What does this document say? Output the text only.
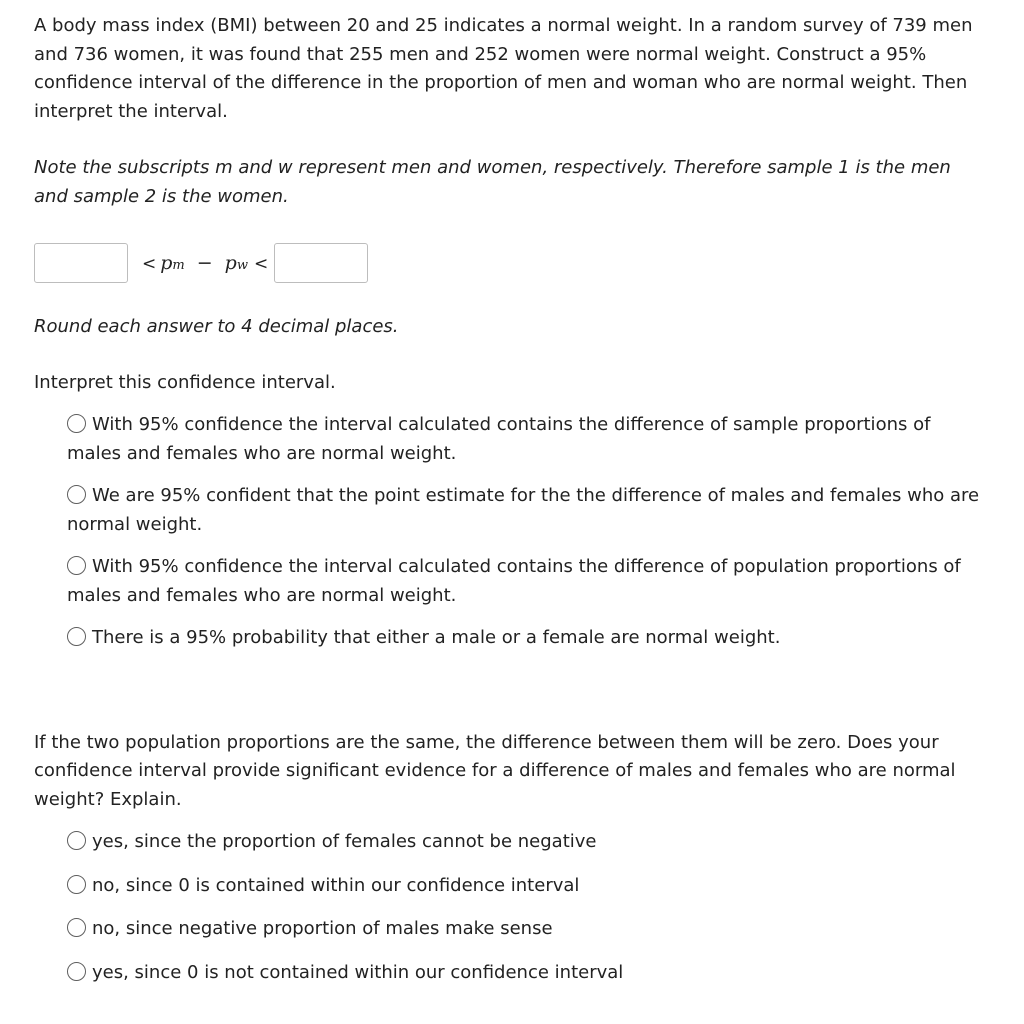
A body mass index (BMI) between 20 and 25 indicates a normal weight. In a random survey of 739 men and 736 women, it was found that 255 men and 252 women were normal weight. Construct a 95% confidence interval of the difference in the proportion of men and woman who are normal weight. Then interpret the interval.

Note the subscripts m and w represent men and women, respectively. Therefore sample 1 is the men and sample 2 is the women.

< p m − p w <

Round each answer to 4 decimal places.

Interpret this confidence interval.

With 95% confidence the interval calculated contains the difference of sample proportions of males and females who are normal weight.
We are 95% confident that the point estimate for the the difference of males and females who are normal weight.
With 95% confidence the interval calculated contains the difference of population proportions of males and females who are normal weight.
There is a 95% probability that either a male or a female are normal weight.

If the two population proportions are the same, the difference between them will be zero. Does your confidence interval provide significant evidence for a difference of males and females who are normal weight? Explain.

yes, since the proportion of females cannot be negative
no, since 0 is contained within our confidence interval
no, since negative proportion of males make sense
yes, since 0 is not contained within our confidence interval
